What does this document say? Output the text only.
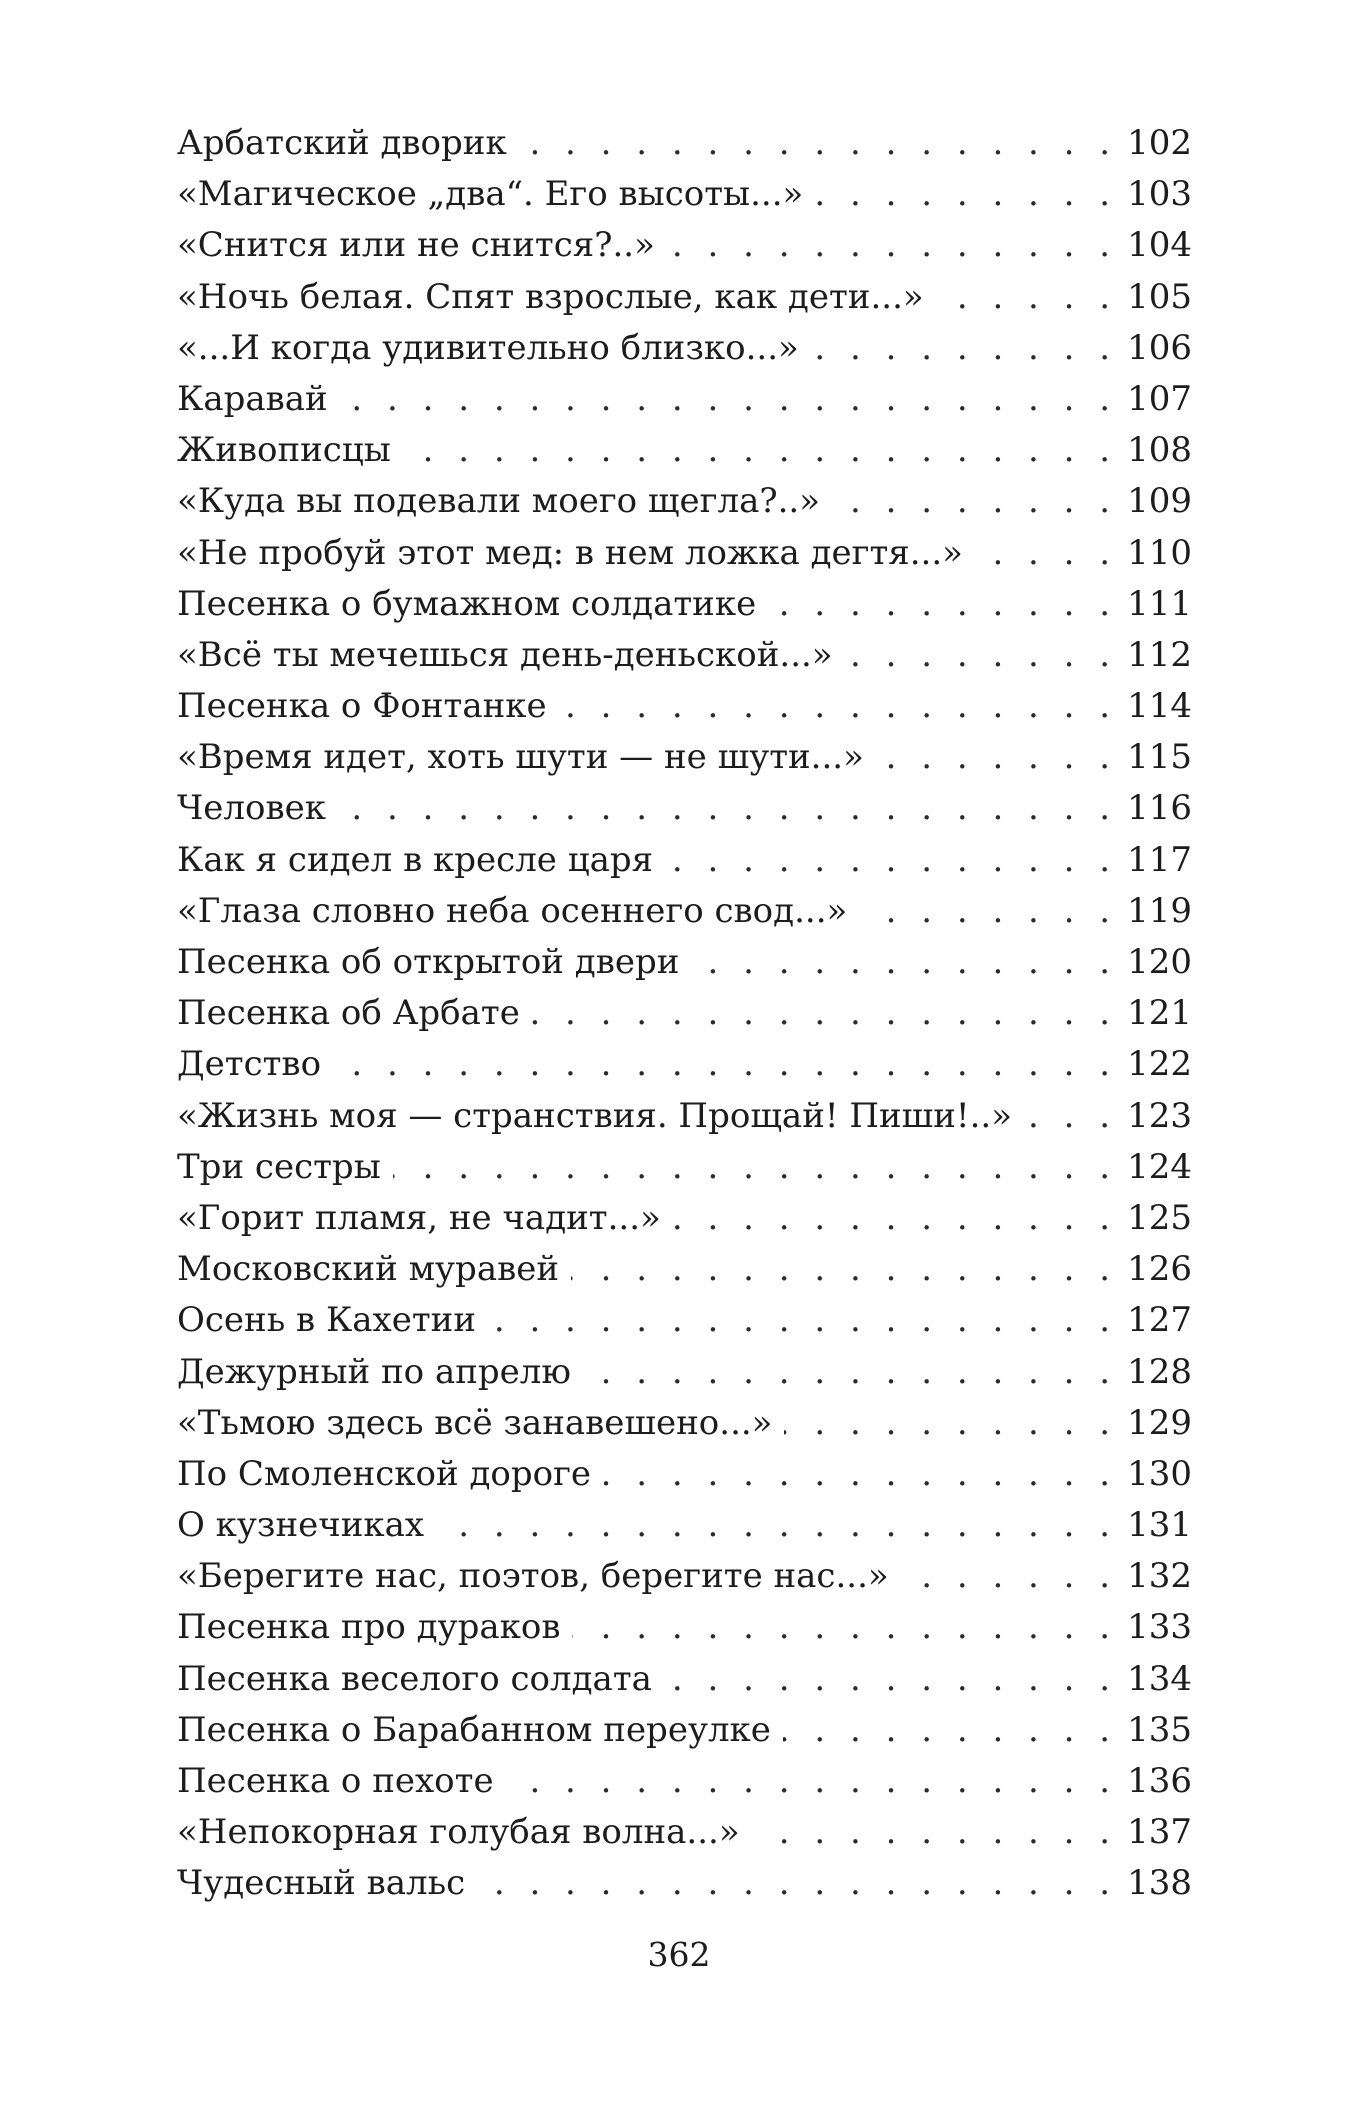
Арбатский дворик . . .	102
«Магическое „два“. Его высоты...» . . .	103
«Снится или не снится?..» . . .	104
«Ночь белая. Спят взрослые, как дети...» . . .	105
«...И когда удивительно близко...» . . .	106
Каравай . . .	107
Живописцы . . .	108
«Куда вы подевали моего щегла?..» . . .	109
«Не пробуй этот мед: в нем ложка дегтя...» . . .	110
Песенка о бумажном солдатике . . .	111
«Всё ты мечешься день-деньской...» . . .	112
Песенка о Фонтанке . . .	114
«Время идет, хоть шути — не шути...» . . .	115
Человек . . .	116
Как я сидел в кресле царя . . .	117
«Глаза словно неба осеннего свод...» . . .	119
Песенка об открытой двери . . .	120
Песенка об Арбате . . .	121
Детство . . .	122
«Жизнь моя — странствия. Прощай! Пиши!..» . . .	123
Три сестры . . .	124
«Горит пламя, не чадит...» . . .	125
Московский муравей . . .	126
Осень в Кахетии . . .	127
Дежурный по апрелю . . .	128
«Тьмою здесь всё занавешено...» . . .	129
По Смоленской дороге . . .	130
О кузнечиках . . .	131
«Берегите нас, поэтов, берегите нас...» . . .	132
Песенка про дураков . . .	133
Песенка веселого солдата . . .	134
Песенка о Барабанном переулке . . .	135
Песенка о пехоте . . .	136
«Непокорная голубая волна...» . . .	137
Чудесный вальс . . .	138
362
